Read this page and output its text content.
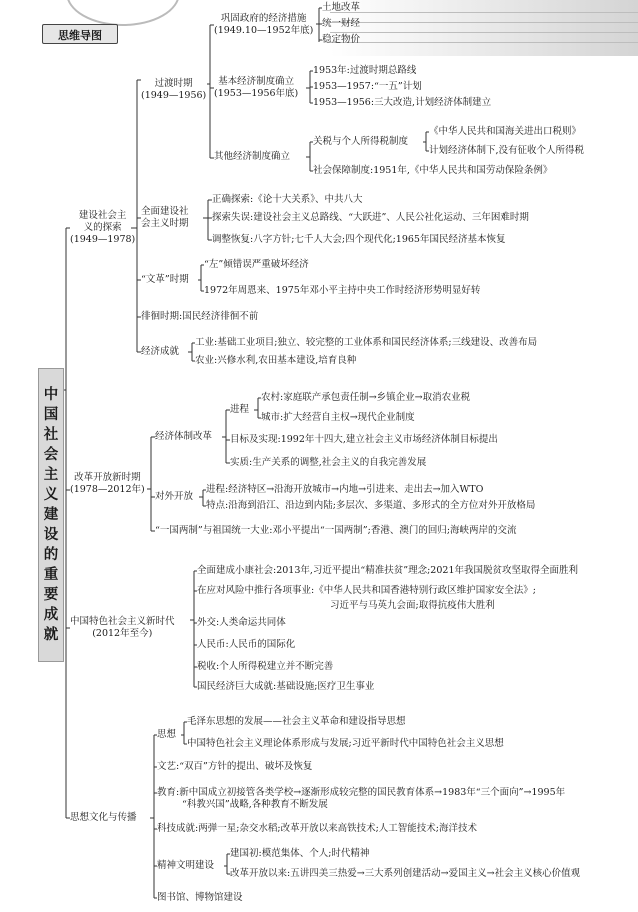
思维导图
中国社会主义建设的重要成就
建设社会主
义的探索
(1949—1978)
过渡时期
(1949—1956)
巩固政府的经济措施
(1949.10—1952年底)
土地改革
统一财经
稳定物价
基本经济制度确立
(1953—1956年底)
1953年:过渡时期总路线
1953—1957:“一五”计划
1953—1956:三大改造,计划经济体制建立
其他经济制度确立
关税与个人所得税制度
《中华人民共和国海关进出口税则》
计划经济体制下,没有征收个人所得税
社会保障制度:1951年,《中华人民共和国劳动保险条例》
全面建设社
会主义时期
正确探索:《论十大关系》、中共八大
探索失误:建设社会主义总路线、“大跃进”、人民公社化运动、三年困难时期
调整恢复:八字方针;七千人大会;四个现代化;1965年国民经济基本恢复
“文革”时期
“左”倾错误严重破坏经济
1972年周恩来、1975年邓小平主持中央工作时经济形势明显好转
徘徊时期:国民经济徘徊不前
经济成就
工业:基础工业项目;独立、较完整的工业体系和国民经济体系;三线建设、改善布局
农业:兴修水利,农田基本建设,培育良种
改革开放新时期
(1978—2012年)
经济体制改革
进程
农村:家庭联产承包责任制→乡镇企业→取消农业税
城市:扩大经营自主权→现代企业制度
目标及实现:1992年十四大,建立社会主义市场经济体制目标提出
实质:生产关系的调整,社会主义的自我完善发展
对外开放
进程:经济特区→沿海开放城市→内地→引进来、走出去→加入WTO
特点:沿海到沿江、沿边到内陆;多层次、多渠道、多形式的全方位对外开放格局
“一国两制”与祖国统一大业:邓小平提出“一国两制”;香港、澳门的回归;海峡两岸的交流
中国特色社会主义新时代
(2012年至今)
全面建成小康社会:2013年,习近平提出“精准扶贫”理念;2021年我国脱贫攻坚取得全面胜利
在应对风险中推行各项事业:《中华人民共和国香港特别行政区维护国家安全法》;
习近平与马英九会面;取得抗疫伟大胜利
外交:人类命运共同体
人民币:人民币的国际化
税收:个人所得税建立并不断完善
国民经济巨大成就:基础设施;医疗卫生事业
思想文化与传播
思想
毛泽东思想的发展——社会主义革命和建设指导思想
中国特色社会主义理论体系形成与发展;习近平新时代中国特色社会主义思想
文艺:“双百”方针的提出、破坏及恢复
教育:新中国成立初接管各类学校→逐渐形成较完整的国民教育体系→1983年“三个面向”→1995年
“科教兴国”战略,各种教育不断发展
科技成就:两弹一星;杂交水稻;改革开放以来高铁技术;人工智能技术;海洋技术
精神文明建设
建国初:模范集体、个人;时代精神
改革开放以来:五讲四美三热爱→三大系列创建活动→爱国主义→社会主义核心价值观
图书馆、博物馆建设
